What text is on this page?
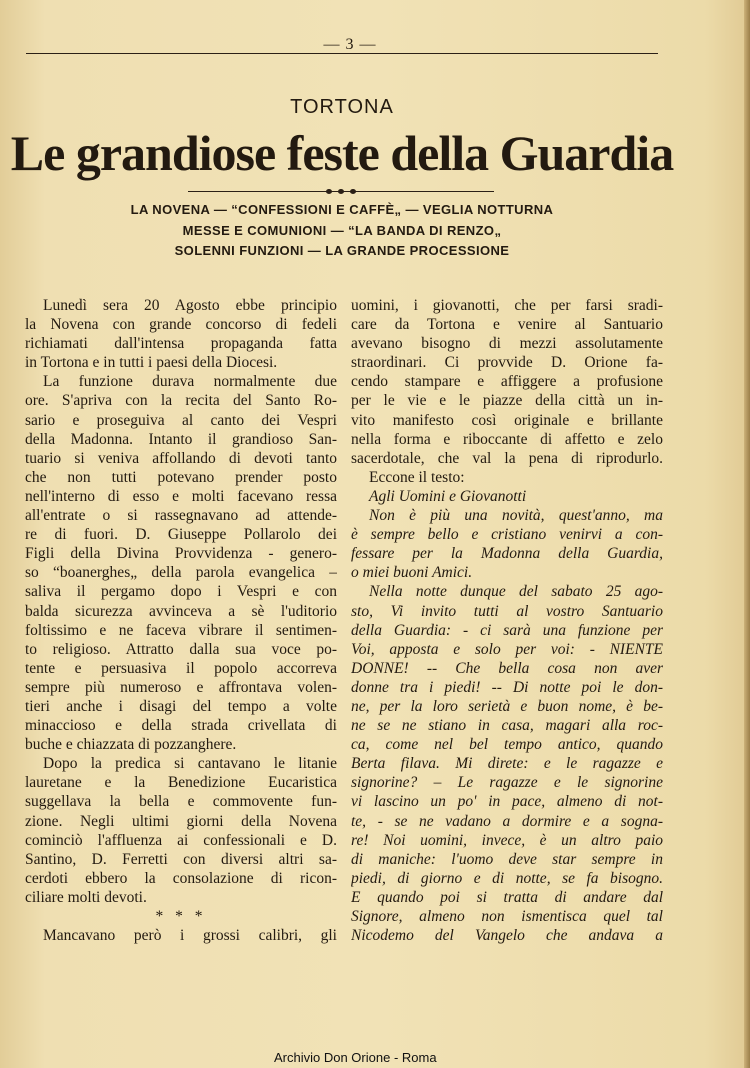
— 3 —
TORTONA
Le grandiose feste della Guardia
LA NOVENA — “CONFESSIONI E CAFFÈ„ — VEGLIA NOTTURNA
MESSE E COMUNIONI — “LA BANDA DI RENZO„
SOLENNI FUNZIONI — LA GRANDE PROCESSIONE
Lunedì sera 20 Agosto ebbe principio
la Novena con grande concorso di fedeli
richiamati dall'intensa propaganda fatta
in Tortona e in tutti i paesi della Diocesi.
La funzione durava normalmente due
ore. S'apriva con la recita del Santo Ro-
sario e proseguiva al canto dei Vespri
della Madonna. Intanto il grandioso San-
tuario si veniva affollando di devoti tanto
che non tutti potevano prender posto
nell'interno di esso e molti facevano ressa
all'entrate o si rassegnavano ad attende-
re di fuori. D. Giuseppe Pollarolo dei
Figli della Divina Provvidenza - genero-
so “boanerghes„ della parola evangelica –
saliva il pergamo dopo i Vespri e con
balda sicurezza avvinceva a sè l'uditorio
foltissimo e ne faceva vibrare il sentimen-
to religioso. Attratto dalla sua voce po-
tente e persuasiva il popolo accorreva
sempre più numeroso e affrontava volen-
tieri anche i disagi del tempo a volte
minaccioso e della strada crivellata di
buche e chiazzata di pozzanghere.
Dopo la predica si cantavano le litanie
lauretane e la Benedizione Eucaristica
suggellava la bella e commovente fun-
zione. Negli ultimi giorni della Novena
cominciò l'affluenza ai confessionali e D.
Santino, D. Ferretti con diversi altri sa-
cerdoti ebbero la consolazione di ricon-
ciliare molti devoti.
* * *
Mancavano però i grossi calibri, gli
uomini, i giovanotti, che per farsi sradi-
care da Tortona e venire al Santuario
avevano bisogno di mezzi assolutamente
straordinari. Ci provvide D. Orione fa-
cendo stampare e affiggere a profusione
per le vie e le piazze della città un in-
vito manifesto così originale e brillante
nella forma e riboccante di affetto e zelo
sacerdotale, che val la pena di riprodurlo.
Eccone il testo:
Agli Uomini e Giovanotti
Non è più una novità, quest'anno, ma
è sempre bello e cristiano venirvi a con-
fessare per la Madonna della Guardia,
o miei buoni Amici.
Nella notte dunque del sabato 25 ago-
sto, Vi invito tutti al vostro Santuario
della Guardia: - ci sarà una funzione per
Voi, apposta e solo per voi: - NIENTE
DONNE! -- Che bella cosa non aver
donne tra i piedi! -- Di notte poi le don-
ne, per la loro serietà e buon nome, è be-
ne se ne stiano in casa, magari alla roc-
ca, come nel bel tempo antico, quando
Berta filava. Mi direte: e le ragazze e
signorine? – Le ragazze e le signorine
vi lascino un po' in pace, almeno di not-
te, - se ne vadano a dormire e a sogna-
re! Noi uomini, invece, è un altro paio
di maniche: l'uomo deve star sempre in
piedi, di giorno e di notte, se fa bisogno.
E quando poi si tratta di andare dal
Signore, almeno non ismentisca quel tal
Nicodemo del Vangelo che andava a
Archivio Don Orione - Roma
